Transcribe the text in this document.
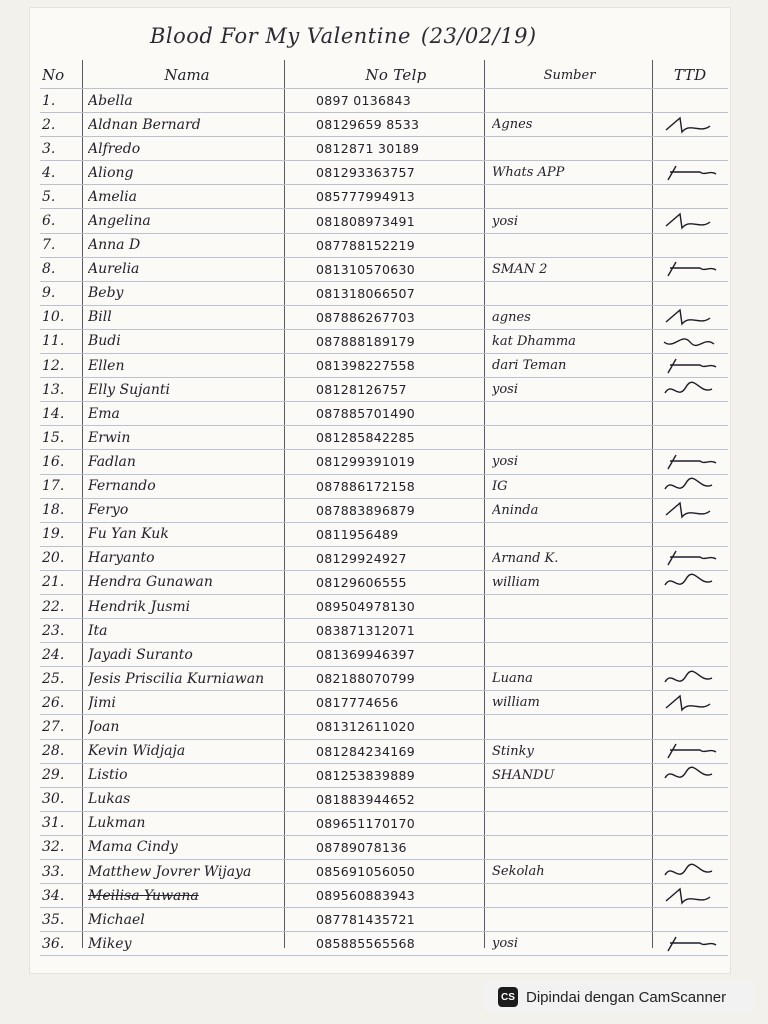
Blood For My Valentine (23/02/19)
No	Nama	No Telp	Sumber	TTD
1.	Abella	0897 0136843
2.	Aldnan Bernard	08129659 8533	Agnes
3.	Alfredo	0812871 30189
4.	Aliong	081293363757	Whats APP
5.	Amelia	085777994913
6.	Angelina	081808973491	yosi
7.	Anna D	087788152219
8.	Aurelia	081310570630	SMAN 2
9.	Beby	081318066507
10.	Bill	087886267703	agnes
11.	Budi	087888189179	kat Dhamma
12.	Ellen	081398227558	dari Teman
13.	Elly Sujanti	08128126757	yosi
14.	Ema	087885701490
15.	Erwin	081285842285
16.	Fadlan	081299391019	yosi
17.	Fernando	087886172158	IG
18.	Feryo	087883896879	Aninda
19.	Fu Yan Kuk	0811956489
20.	Haryanto	08129924927	Arnand K.
21.	Hendra Gunawan	08129606555	william
22.	Hendrik Jusmi	089504978130
23.	Ita	083871312071
24.	Jayadi Suranto	081369946397
25.	Jesis Priscilia Kurniawan	082188070799	Luana
26.	Jimi	0817774656	william
27.	Joan	081312611020
28.	Kevin Widjaja	081284234169	Stinky
29.	Listio	081253839889	SHANDU
30.	Lukas	081883944652
31.	Lukman	089651170170
32.	Mama Cindy	08789078136
33.	Matthew Jovrer Wijaya	085691056050	Sekolah
34.	Meilisa Yuwana	089560883943
35.	Michael	087781435721
36.	Mikey	085885565568	yosi
CS Dipindai dengan CamScanner
